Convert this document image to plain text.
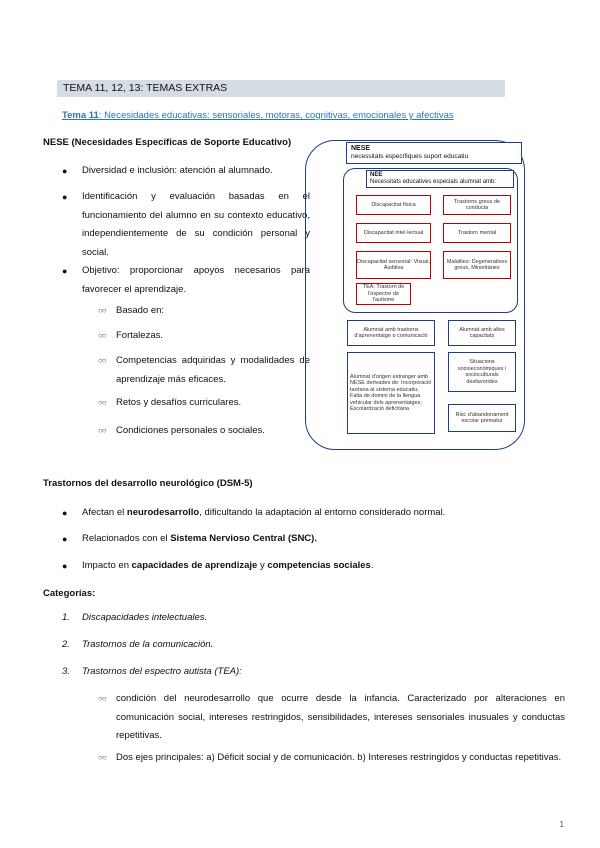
TEMA 11, 12, 13: TEMAS EXTRAS
Tema 11: Necesidades educativas: sensoriales, motoras, cognitivas, emocionales y afectivas
NESE (Necesidades Específicas de Soporte Educativo)
● Diversidad e inclusión: atención al alumnado.
● Identificación y evaluación basadas en el funcionamiento del alumno en su contexto educativo, independientemente de su condición personal y social.
● Objetivo: proporcionar apoyos necesarios para favorecer el aprendizaje.
○○ Basado en:
○○ Fortalezas.
○○ Competencias adquiridas y modalidades de aprendizaje más eficaces.
○○ Retos y desafíos curriculares.
○○ Condiciones personales o sociales.
NESE
necessitats específiques suport educatiu
NEE
Necessitats educatives especials alumnat amb:
Discapacitat física
Trastorns greus de conducta
Discapacitat intel·lectual	Trastorn mental
Discapacitat sensorial: Visual, Auditiva
Malalties: Degeneratives greus, Minoritàries
TEA: Trastorn de l'espectre de l'autisme
Alumnat amb trastorns d'aprenentatge o comunicació
Alumnat amb altes capacitats
Alumnat d'origen estranger amb NESE derivades de: Incorporació tardana al sistema educatiu; Falta de domini de la llengua vehicular dels aprenentatges; Escolarització deficitària
Situacions socioeconòmiques i socioculturals desfavorides
Risc d'abandonament escolar prematur
Trastornos del desarrollo neurológico (DSM-5)
● Afectan el neurodesarrollo, dificultando la adaptación al entorno considerado normal.
● Relacionados con el Sistema Nervioso Central (SNC).
● Impacto en capacidades de aprendizaje y competencias sociales.
Categorías:
1. Discapacidades intelectuales.
2. Trastornos de la comunicación.
3. Trastornos del espectro autista (TEA):
○○ condición del neurodesarrollo que ocurre desde la infancia. Caracterizado por alteraciones en comunicación social, intereses restringidos, sensibilidades, intereses sensoriales inusuales y conductas repetitivas.
○○ Dos ejes principales: a) Déficit social y de comunicación. b) Intereses restringidos y conductas repetitivas.
1
